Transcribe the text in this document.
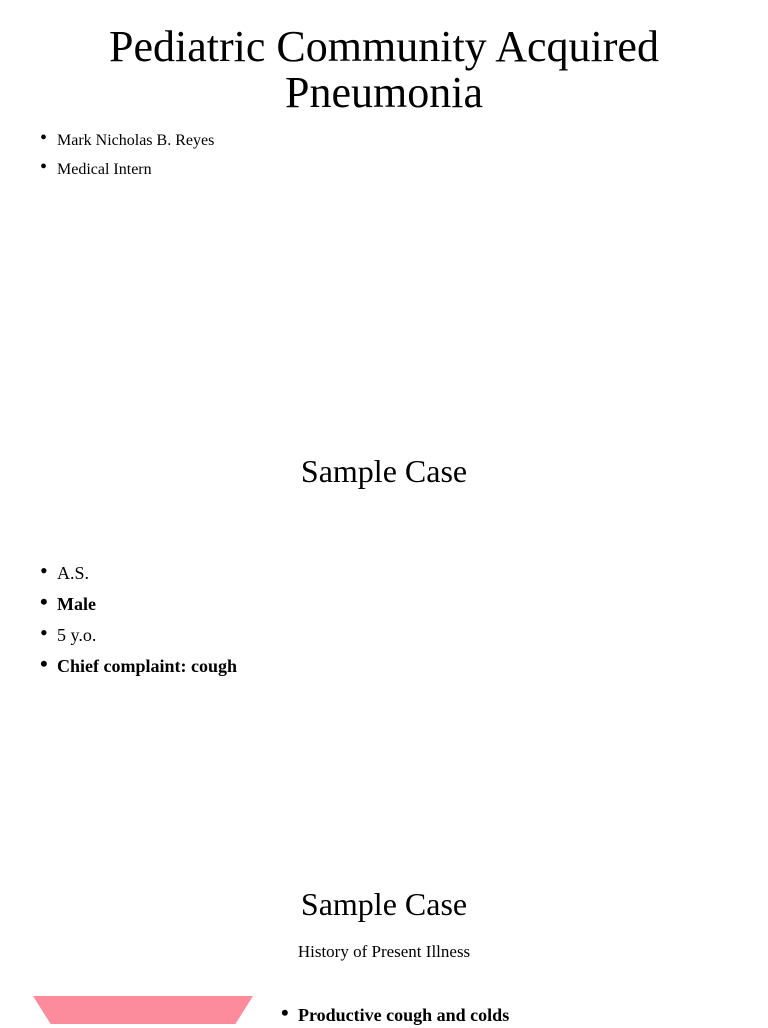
Pediatric Community Acquired
Pneumonia
• Mark Nicholas B. Reyes
• Medical Intern
Sample Case
• A.S.
• Male
• 5 y.o.
• Chief complaint: cough
Sample Case
History of Present Illness
• Productive cough and colds
